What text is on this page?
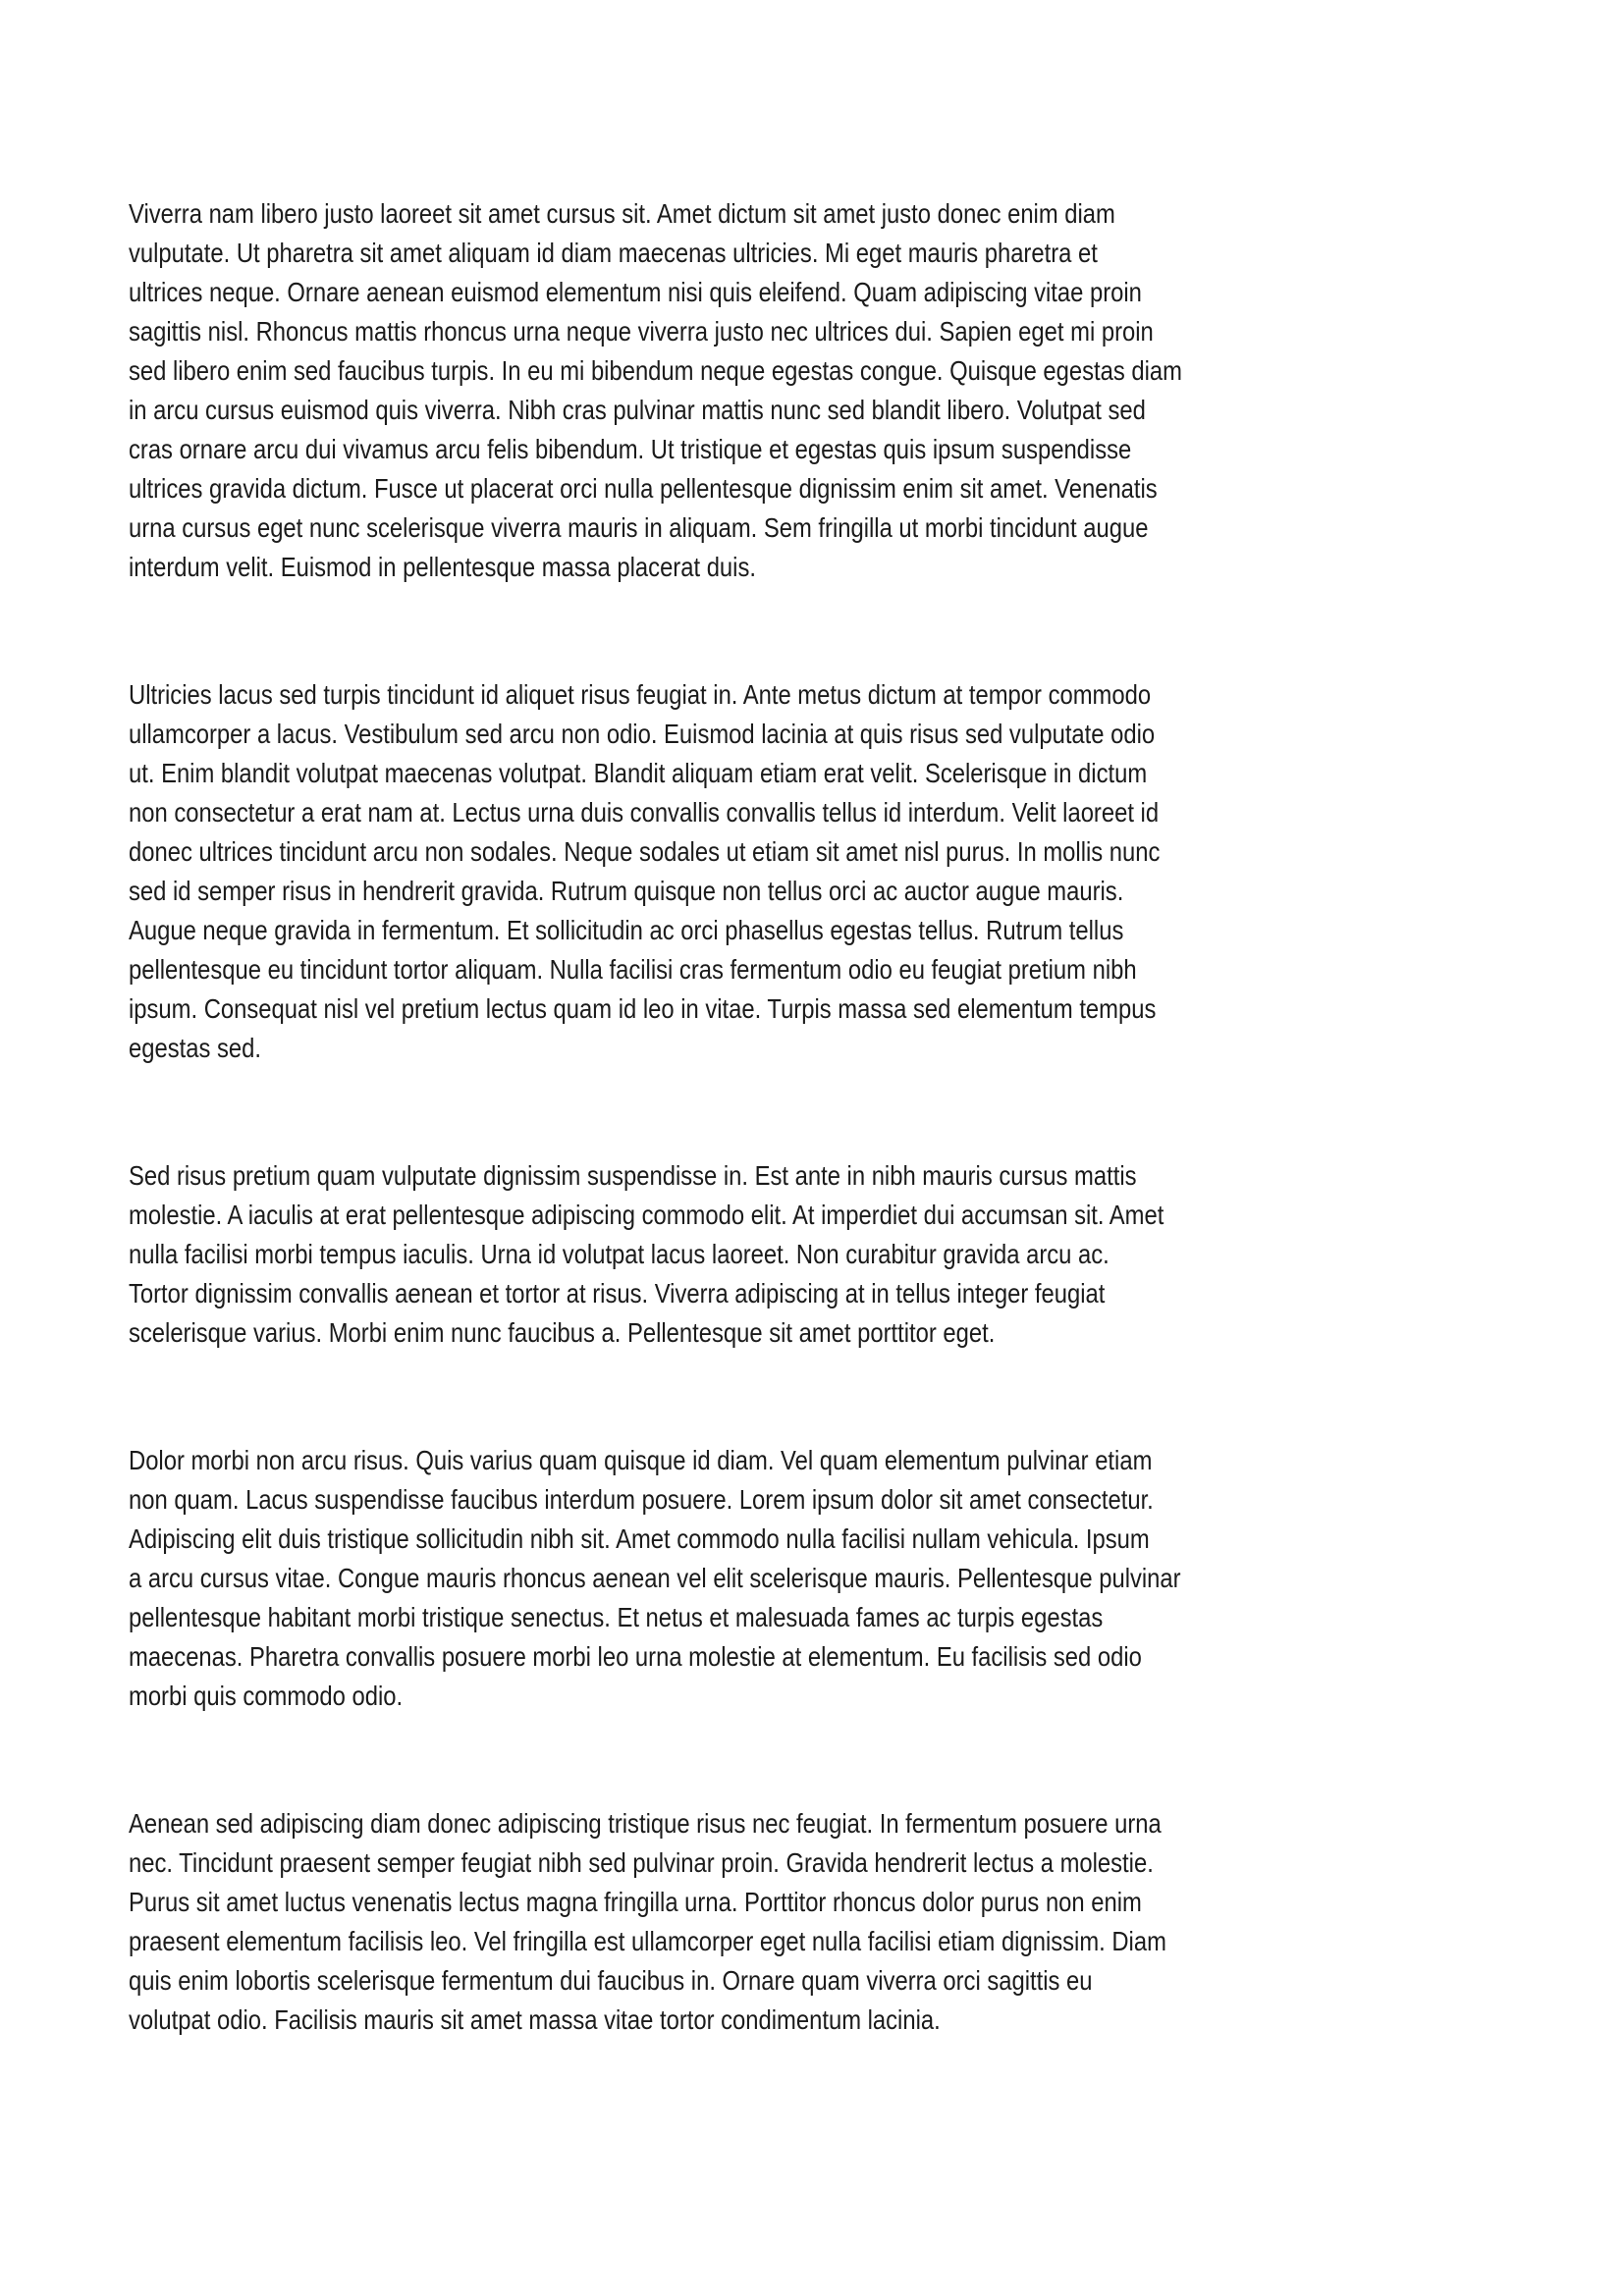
Viverra nam libero justo laoreet sit amet cursus sit. Amet dictum sit amet justo donec enim diam
vulputate. Ut pharetra sit amet aliquam id diam maecenas ultricies. Mi eget mauris pharetra et
ultrices neque. Ornare aenean euismod elementum nisi quis eleifend. Quam adipiscing vitae proin
sagittis nisl. Rhoncus mattis rhoncus urna neque viverra justo nec ultrices dui. Sapien eget mi proin
sed libero enim sed faucibus turpis. In eu mi bibendum neque egestas congue. Quisque egestas diam
in arcu cursus euismod quis viverra. Nibh cras pulvinar mattis nunc sed blandit libero. Volutpat sed
cras ornare arcu dui vivamus arcu felis bibendum. Ut tristique et egestas quis ipsum suspendisse
ultrices gravida dictum. Fusce ut placerat orci nulla pellentesque dignissim enim sit amet. Venenatis
urna cursus eget nunc scelerisque viverra mauris in aliquam. Sem fringilla ut morbi tincidunt augue
interdum velit. Euismod in pellentesque massa placerat duis.

Ultricies lacus sed turpis tincidunt id aliquet risus feugiat in. Ante metus dictum at tempor commodo
ullamcorper a lacus. Vestibulum sed arcu non odio. Euismod lacinia at quis risus sed vulputate odio
ut. Enim blandit volutpat maecenas volutpat. Blandit aliquam etiam erat velit. Scelerisque in dictum
non consectetur a erat nam at. Lectus urna duis convallis convallis tellus id interdum. Velit laoreet id
donec ultrices tincidunt arcu non sodales. Neque sodales ut etiam sit amet nisl purus. In mollis nunc
sed id semper risus in hendrerit gravida. Rutrum quisque non tellus orci ac auctor augue mauris.
Augue neque gravida in fermentum. Et sollicitudin ac orci phasellus egestas tellus. Rutrum tellus
pellentesque eu tincidunt tortor aliquam. Nulla facilisi cras fermentum odio eu feugiat pretium nibh
ipsum. Consequat nisl vel pretium lectus quam id leo in vitae. Turpis massa sed elementum tempus
egestas sed.

Sed risus pretium quam vulputate dignissim suspendisse in. Est ante in nibh mauris cursus mattis
molestie. A iaculis at erat pellentesque adipiscing commodo elit. At imperdiet dui accumsan sit. Amet
nulla facilisi morbi tempus iaculis. Urna id volutpat lacus laoreet. Non curabitur gravida arcu ac.
Tortor dignissim convallis aenean et tortor at risus. Viverra adipiscing at in tellus integer feugiat
scelerisque varius. Morbi enim nunc faucibus a. Pellentesque sit amet porttitor eget.

Dolor morbi non arcu risus. Quis varius quam quisque id diam. Vel quam elementum pulvinar etiam
non quam. Lacus suspendisse faucibus interdum posuere. Lorem ipsum dolor sit amet consectetur.
Adipiscing elit duis tristique sollicitudin nibh sit. Amet commodo nulla facilisi nullam vehicula. Ipsum
a arcu cursus vitae. Congue mauris rhoncus aenean vel elit scelerisque mauris. Pellentesque pulvinar
pellentesque habitant morbi tristique senectus. Et netus et malesuada fames ac turpis egestas
maecenas. Pharetra convallis posuere morbi leo urna molestie at elementum. Eu facilisis sed odio
morbi quis commodo odio.

Aenean sed adipiscing diam donec adipiscing tristique risus nec feugiat. In fermentum posuere urna
nec. Tincidunt praesent semper feugiat nibh sed pulvinar proin. Gravida hendrerit lectus a molestie.
Purus sit amet luctus venenatis lectus magna fringilla urna. Porttitor rhoncus dolor purus non enim
praesent elementum facilisis leo. Vel fringilla est ullamcorper eget nulla facilisi etiam dignissim. Diam
quis enim lobortis scelerisque fermentum dui faucibus in. Ornare quam viverra orci sagittis eu
volutpat odio. Facilisis mauris sit amet massa vitae tortor condimentum lacinia.
